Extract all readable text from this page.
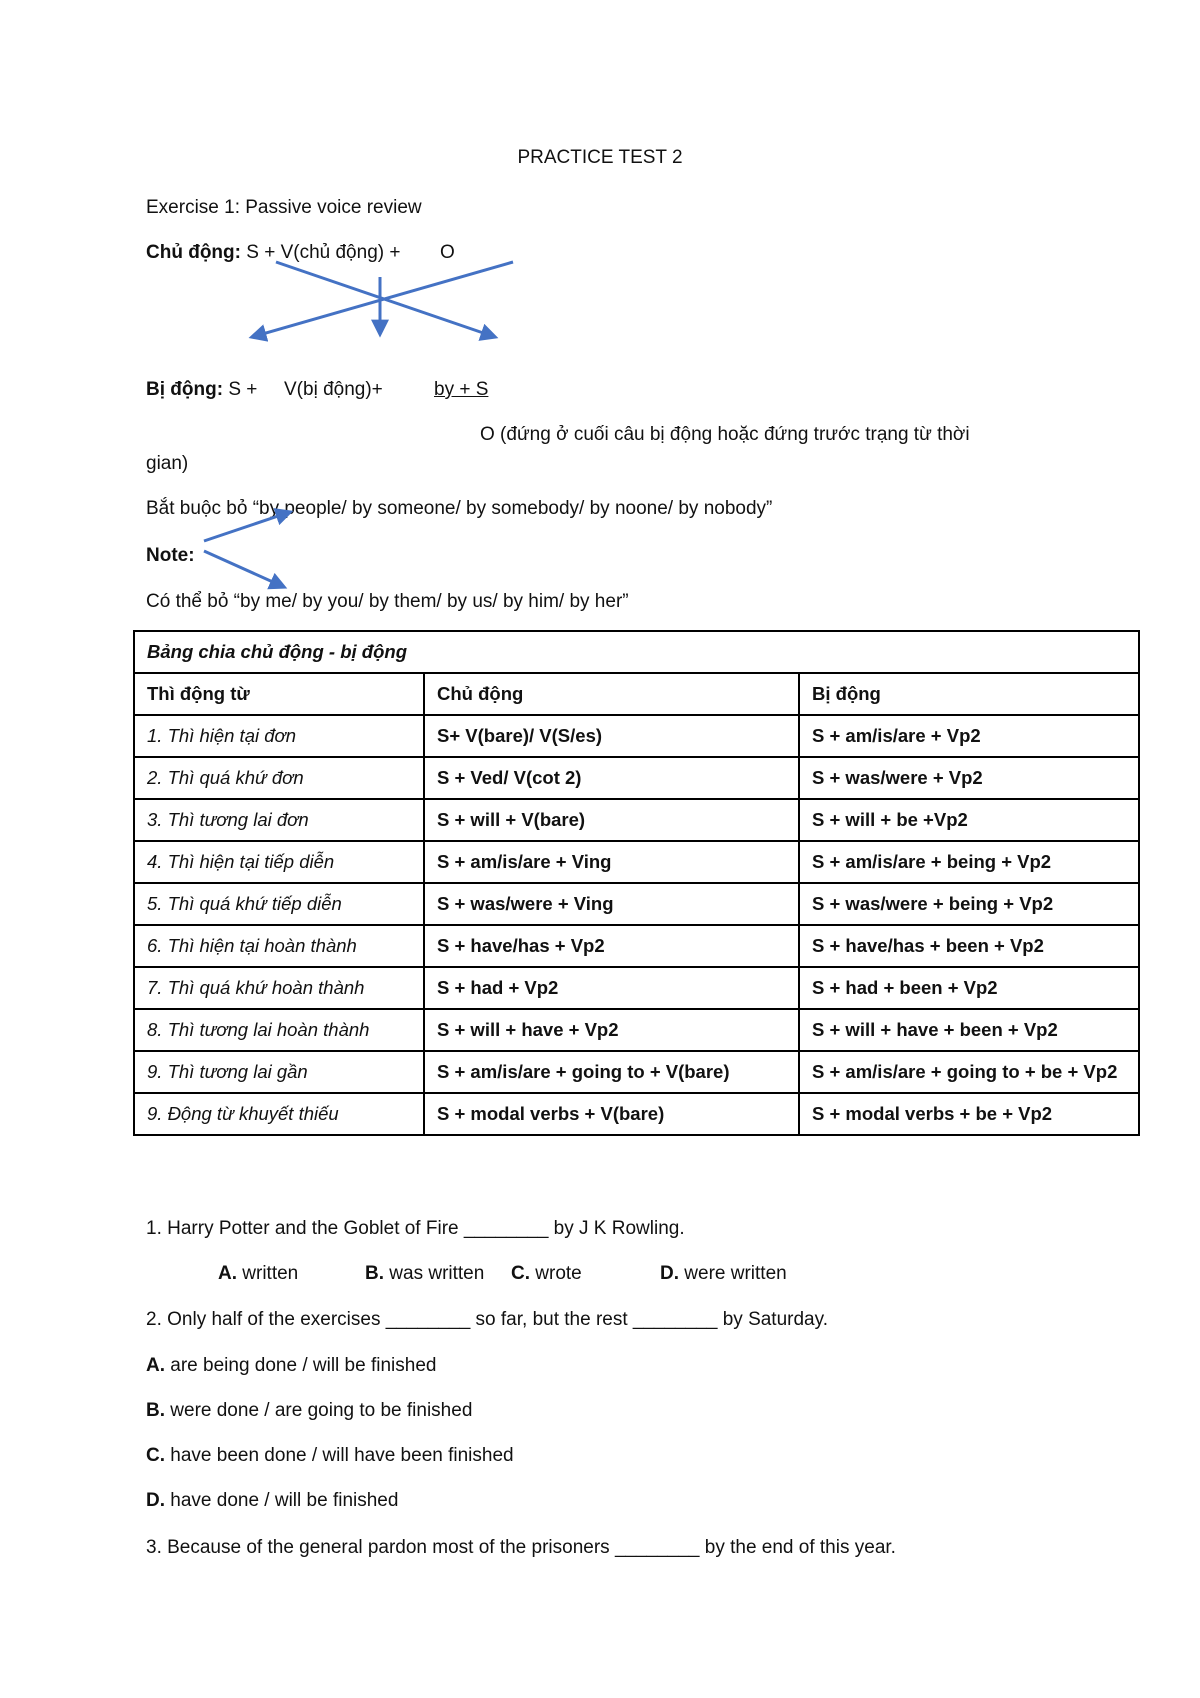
PRACTICE TEST 2
Exercise 1: Passive voice review
Chủ động: S + V(chủ động) + O
Bị động: S + V(bị động)+	by + S
O (đứng ở cuối câu bị động hoặc đứng trước trạng từ thời
gian)
Bắt buộc bỏ “by people/ by someone/ by somebody/ by noone/ by nobody”
Note:
Có thể bỏ “by me/ by you/ by them/ by us/ by him/ by her”
Bảng chia chủ động - bị động		
Thì động từ	Chủ động	Bị động
1. Thì hiện tại đơn	S+ V(bare)/ V(S/es)	S + am/is/are + Vp2
2. Thì quá khứ đơn	S + Ved/ V(cot 2)	S + was/were + Vp2
3. Thì tương lai đơn	S + will + V(bare)	S + will + be +Vp2
4. Thì hiện tại tiếp diễn	S + am/is/are + Ving	S + am/is/are + being + Vp2
5. Thì quá khứ tiếp diễn	S + was/were + Ving	S + was/were + being + Vp2
6. Thì hiện tại hoàn thành	S + have/has + Vp2	S + have/has + been + Vp2
7. Thì quá khứ hoàn thành	S + had + Vp2	S + had + been + Vp2
8. Thì tương lai hoàn thành	S + will + have + Vp2	S + will + have + been + Vp2
9. Thì tương lai gần	S + am/is/are + going to + V(bare)	S + am/is/are + going to + be + Vp2
9. Động từ khuyết thiếu	S + modal verbs + V(bare)	S + modal verbs + be + Vp2
1. Harry Potter and the Goblet of Fire ________ by J K Rowling.
A. written	B. was written C. wrote	D. were written
2. Only half of the exercises ________ so far, but the rest ________ by Saturday.
A. are being done / will be finished
B. were done / are going to be finished
C. have been done / will have been finished
D. have done / will be finished
3. Because of the general pardon most of the prisoners ________ by the end of this year.
